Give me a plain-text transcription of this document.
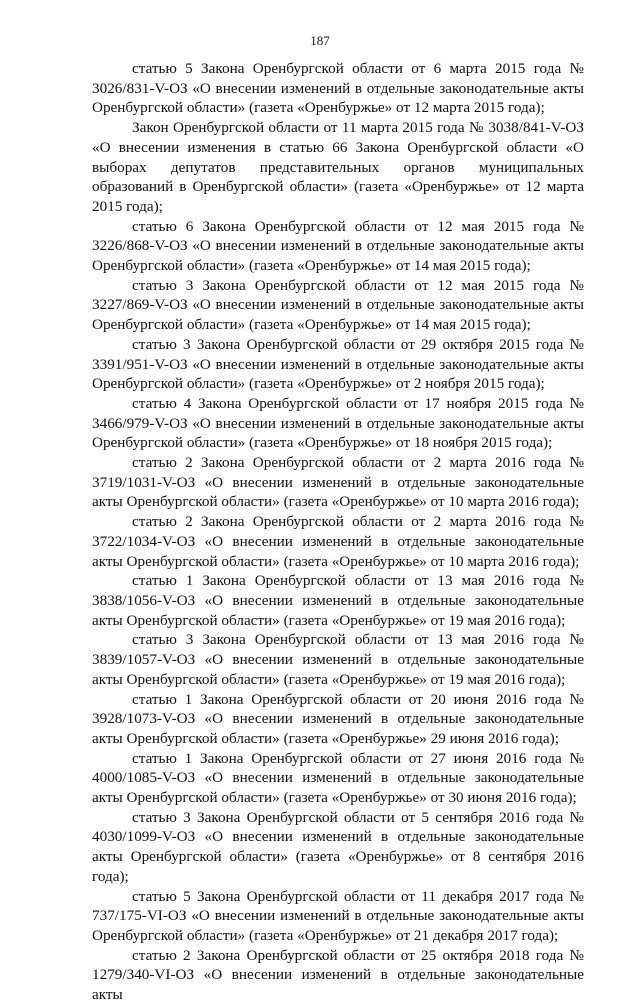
187

статью 5 Закона Оренбургской области от 6 марта 2015 года № 3026/831-V-ОЗ «О внесении изменений в отдельные законодательные акты Оренбургской области» (газета «Оренбуржье» от 12 марта 2015 года);

Закон Оренбургской области от 11 марта 2015 года № 3038/841-V-ОЗ «О внесении изменения в статью 66 Закона Оренбургской области «О выборах депутатов представительных органов муниципальных образований в Оренбургской области» (газета «Оренбуржье» от 12 марта 2015 года);

статью 6 Закона Оренбургской области от 12 мая 2015 года № 3226/868-V-ОЗ «О внесении изменений в отдельные законодательные акты Оренбургской области» (газета «Оренбуржье» от 14 мая 2015 года);

статью 3 Закона Оренбургской области от 12 мая 2015 года № 3227/869-V-ОЗ «О внесении изменений в отдельные законодательные акты Оренбургской области» (газета «Оренбуржье» от 14 мая 2015 года);

статью 3 Закона Оренбургской области от 29 октября 2015 года № 3391/951-V-ОЗ «О внесении изменений в отдельные законодательные акты Оренбургской области» (газета «Оренбуржье» от 2 ноября 2015 года);

статью 4 Закона Оренбургской области от 17 ноября 2015 года № 3466/979-V-ОЗ «О внесении изменений в отдельные законодательные акты Оренбургской области» (газета «Оренбуржье» от 18 ноября 2015 года);

статью 2 Закона Оренбургской области от 2 марта 2016 года № 3719/1031-V-ОЗ «О внесении изменений в отдельные законодательные акты Оренбургской области» (газета «Оренбуржье» от 10 марта 2016 года);

статью 2 Закона Оренбургской области от 2 марта 2016 года № 3722/1034-V-ОЗ «О внесении изменений в отдельные законодательные акты Оренбургской области» (газета «Оренбуржье» от 10 марта 2016 года);

статью 1 Закона Оренбургской области от 13 мая 2016 года № 3838/1056-V-ОЗ «О внесении изменений в отдельные законодательные акты Оренбургской области» (газета «Оренбуржье» от 19 мая 2016 года);

статью 3 Закона Оренбургской области от 13 мая 2016 года № 3839/1057-V-ОЗ «О внесении изменений в отдельные законодательные акты Оренбургской области» (газета «Оренбуржье» от 19 мая 2016 года);

статью 1 Закона Оренбургской области от 20 июня 2016 года № 3928/1073-V-ОЗ «О внесении изменений в отдельные законодательные акты Оренбургской области» (газета «Оренбуржье» 29 июня 2016 года);

статью 1 Закона Оренбургской области от 27 июня 2016 года № 4000/1085-V-ОЗ «О внесении изменений в отдельные законодательные акты Оренбургской области» (газета «Оренбуржье» от 30 июня 2016 года);

статью 3 Закона Оренбургской области от 5 сентября 2016 года № 4030/1099-V-ОЗ «О внесении изменений в отдельные законодательные акты Оренбургской области» (газета «Оренбуржье» от 8 сентября 2016 года);

статью 5 Закона Оренбургской области от 11 декабря 2017 года № 737/175-VI-ОЗ «О внесении изменений в отдельные законодательные акты Оренбургской области» (газета «Оренбуржье» от 21 декабря 2017 года);

статью 2 Закона Оренбургской области от 25 октября 2018 года № 1279/340-VI-ОЗ «О внесении изменений в отдельные законодательные акты
